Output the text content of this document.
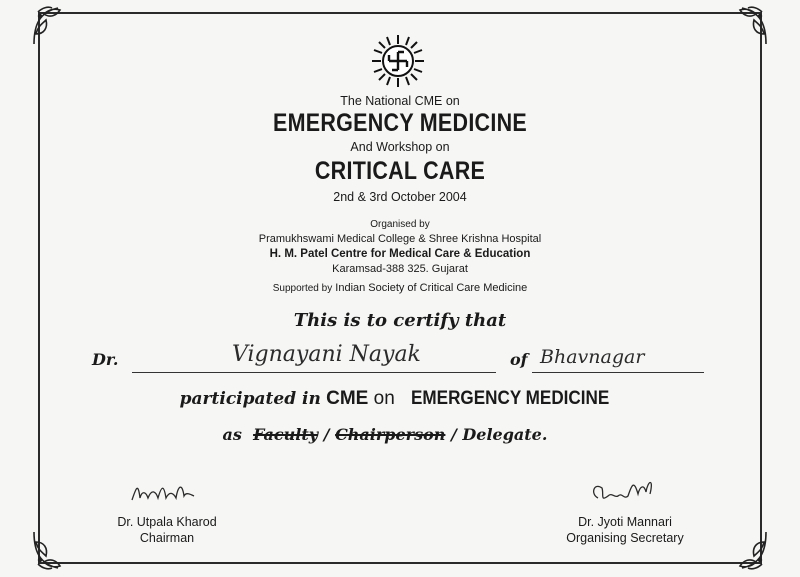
The National CME on
EMERGENCY MEDICINE
And Workshop on
CRITICAL CARE
2nd & 3rd October 2004
Organised by
Pramukhswami Medical College & Shree Krishna Hospital
H. M. Patel Centre for Medical Care & Education
Karamsad-388 325. Gujarat
Supported by Indian Society of Critical Care Medicine
This is to certify that
Dr.	Vignayani Nayak	of Bhavnagar
participated in CME on EMERGENCY MEDICINE
as Faculty / Chairperson / Delegate.
Dr. Utpala Kharod
Chairman
Dr. Jyoti Mannari
Organising Secretary
